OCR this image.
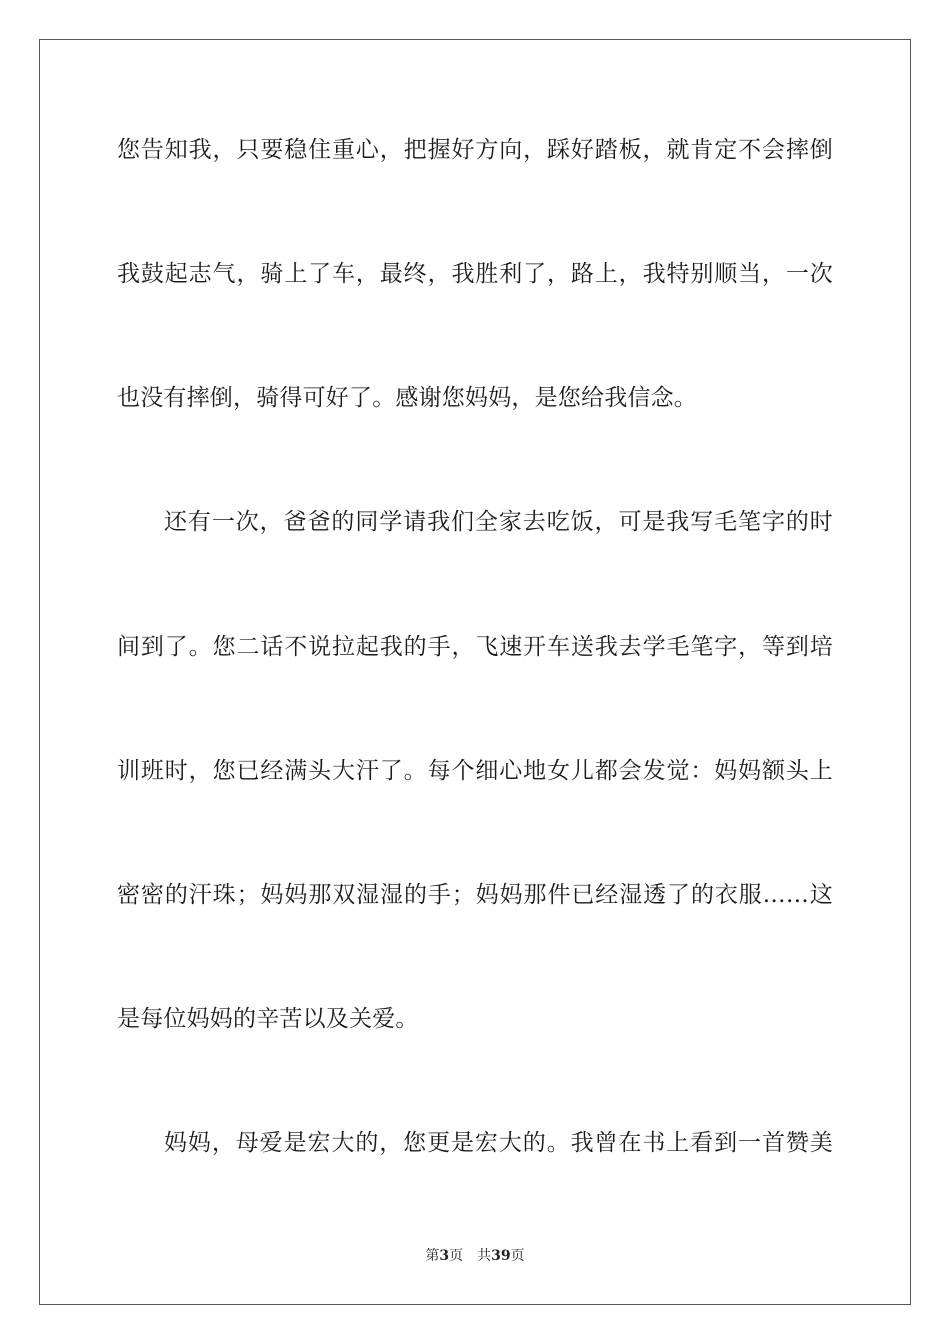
您告知我，只要稳住重心，把握好方向，踩好踏板，就肯定不会摔倒
我鼓起志气，骑上了车，最终，我胜利了，路上，我特别顺当，一次
也没有摔倒，骑得可好了。感谢您妈妈，是您给我信念。
还有一次，爸爸的同学请我们全家去吃饭，可是我写毛笔字的时
间到了。您二话不说拉起我的手，飞速开车送我去学毛笔字，等到培
训班时，您已经满头大汗了。每个细心地女儿都会发觉：妈妈额头上
密密的汗珠；妈妈那双湿湿的手；妈妈那件已经湿透了的衣服……这
是每位妈妈的辛苦以及关爱。
妈妈，母爱是宏大的，您更是宏大的。我曾在书上看到一首赞美
第3页 共39页
